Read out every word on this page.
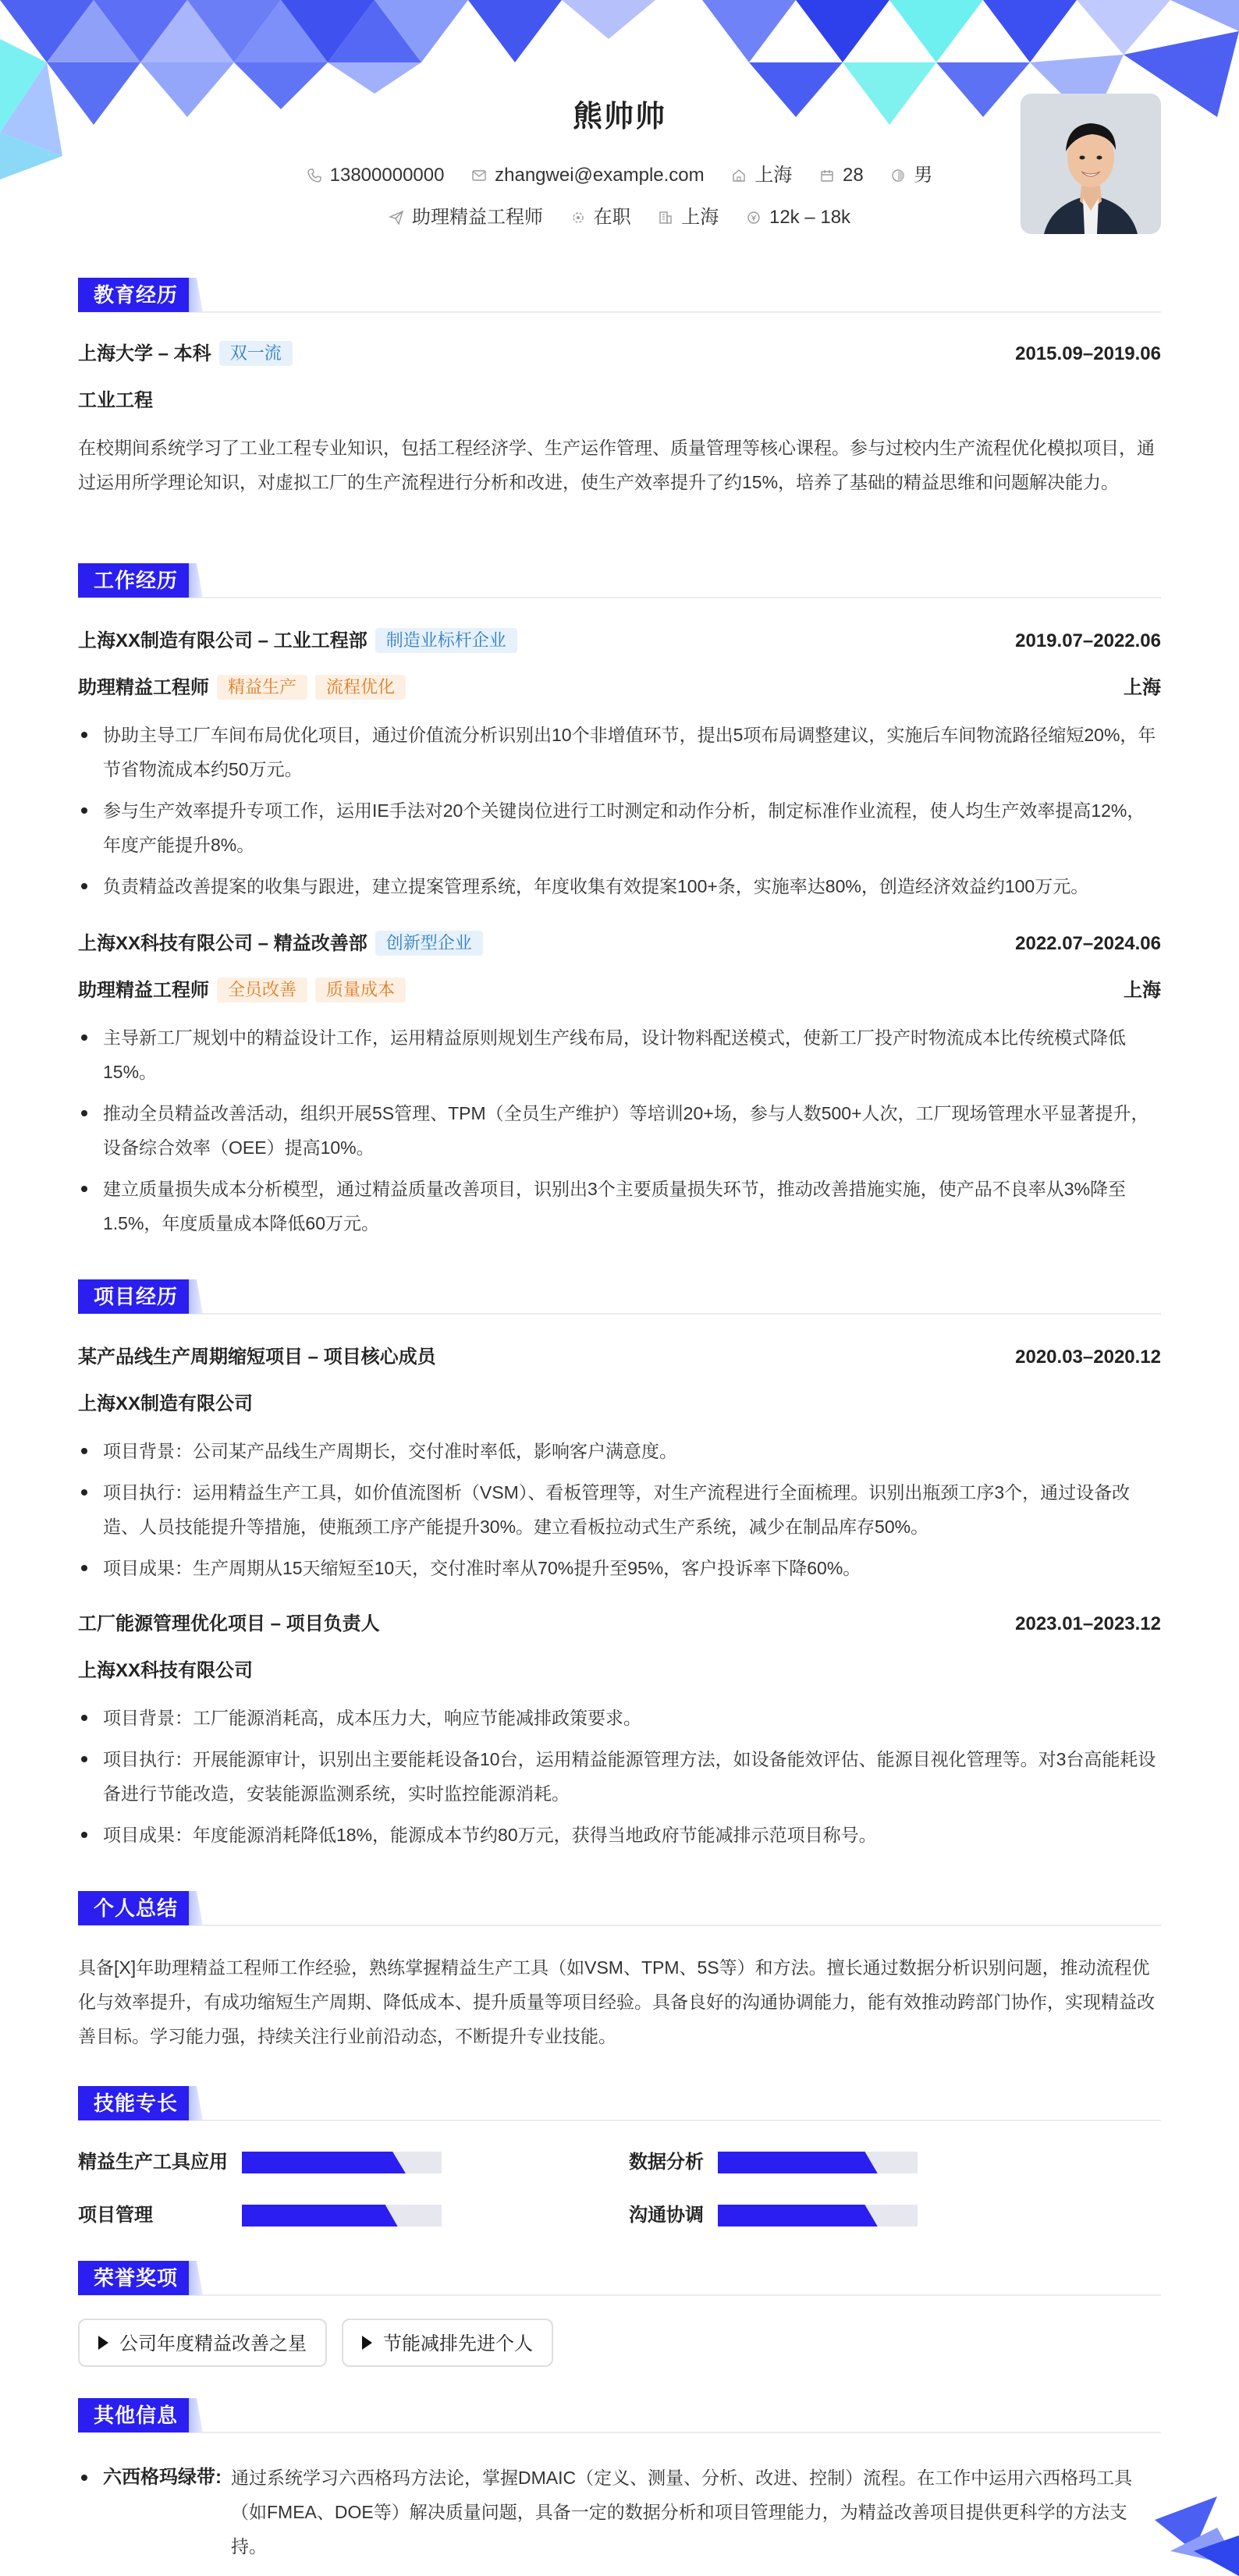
熊帅帅
13800000000	zhangwei@example.com	上海	28	男
助理精益工程师	在职	上海	12k – 18k
教育经历
上海大学 – 本科 双一流	2015.09–2019.06
工业工程
在校期间系统学习了工业工程专业知识，包括工程经济学、生产运作管理、质量管理等核心课程。参与过校内生产流程优化模拟项目，通过运用所学理论知识，对虚拟工厂的生产流程进行分析和改进，使生产效率提升了约15%，培养了基础的精益思维和问题解决能力。
工作经历
上海XX制造有限公司 – 工业工程部 制造业标杆企业	2019.07–2022.06
助理精益工程师 精益生产 流程优化	上海
协助主导工厂车间布局优化项目，通过价值流分析识别出10个非增值环节，提出5项布局调整建议，实施后车间物流路径缩短20%，年节省物流成本约50万元。
参与生产效率提升专项工作，运用IE手法对20个关键岗位进行工时测定和动作分析，制定标准作业流程，使人均生产效率提高12%，年度产能提升8%。
负责精益改善提案的收集与跟进，建立提案管理系统，年度收集有效提案100+条，实施率达80%，创造经济效益约100万元。
上海XX科技有限公司 – 精益改善部 创新型企业	2022.07–2024.06
助理精益工程师 全员改善 质量成本	上海
主导新工厂规划中的精益设计工作，运用精益原则规划生产线布局，设计物料配送模式，使新工厂投产时物流成本比传统模式降低15%。
推动全员精益改善活动，组织开展5S管理、TPM（全员生产维护）等培训20+场，参与人数500+人次，工厂现场管理水平显著提升，设备综合效率（OEE）提高10%。
建立质量损失成本分析模型，通过精益质量改善项目，识别出3个主要质量损失环节，推动改善措施实施，使产品不良率从3%降至1.5%，年度质量成本降低60万元。
项目经历
某产品线生产周期缩短项目 – 项目核心成员	2020.03–2020.12
上海XX制造有限公司
项目背景：公司某产品线生产周期长，交付准时率低，影响客户满意度。
项目执行：运用精益生产工具，如价值流图析（VSM）、看板管理等，对生产流程进行全面梳理。识别出瓶颈工序3个，通过设备改造、人员技能提升等措施，使瓶颈工序产能提升30%。建立看板拉动式生产系统，减少在制品库存50%。
项目成果：生产周期从15天缩短至10天，交付准时率从70%提升至95%，客户投诉率下降60%。
工厂能源管理优化项目 – 项目负责人	2023.01–2023.12
上海XX科技有限公司
项目背景：工厂能源消耗高，成本压力大，响应节能减排政策要求。
项目执行：开展能源审计，识别出主要能耗设备10台，运用精益能源管理方法，如设备能效评估、能源目视化管理等。对3台高能耗设备进行节能改造，安装能源监测系统，实时监控能源消耗。
项目成果：年度能源消耗降低18%，能源成本节约80万元，获得当地政府节能减排示范项目称号。
个人总结
具备[X]年助理精益工程师工作经验，熟练掌握精益生产工具（如VSM、TPM、5S等）和方法。擅长通过数据分析识别问题，推动流程优化与效率提升，有成功缩短生产周期、降低成本、提升质量等项目经验。具备良好的沟通协调能力，能有效推动跨部门协作，实现精益改善目标。学习能力强，持续关注行业前沿动态，不断提升专业技能。
技能专长
精益生产工具应用	数据分析
项目管理	沟通协调
荣誉奖项
公司年度精益改善之星	节能减排先进个人
其他信息
六西格玛绿带: 通过系统学习六西格玛方法论，掌握DMAIC（定义、测量、分析、改进、控制）流程。在工作中运用六西格玛工具（如FMEA、DOE等）解决质量问题，具备一定的数据分析和项目管理能力，为精益改善项目提供更科学的方法支持。
